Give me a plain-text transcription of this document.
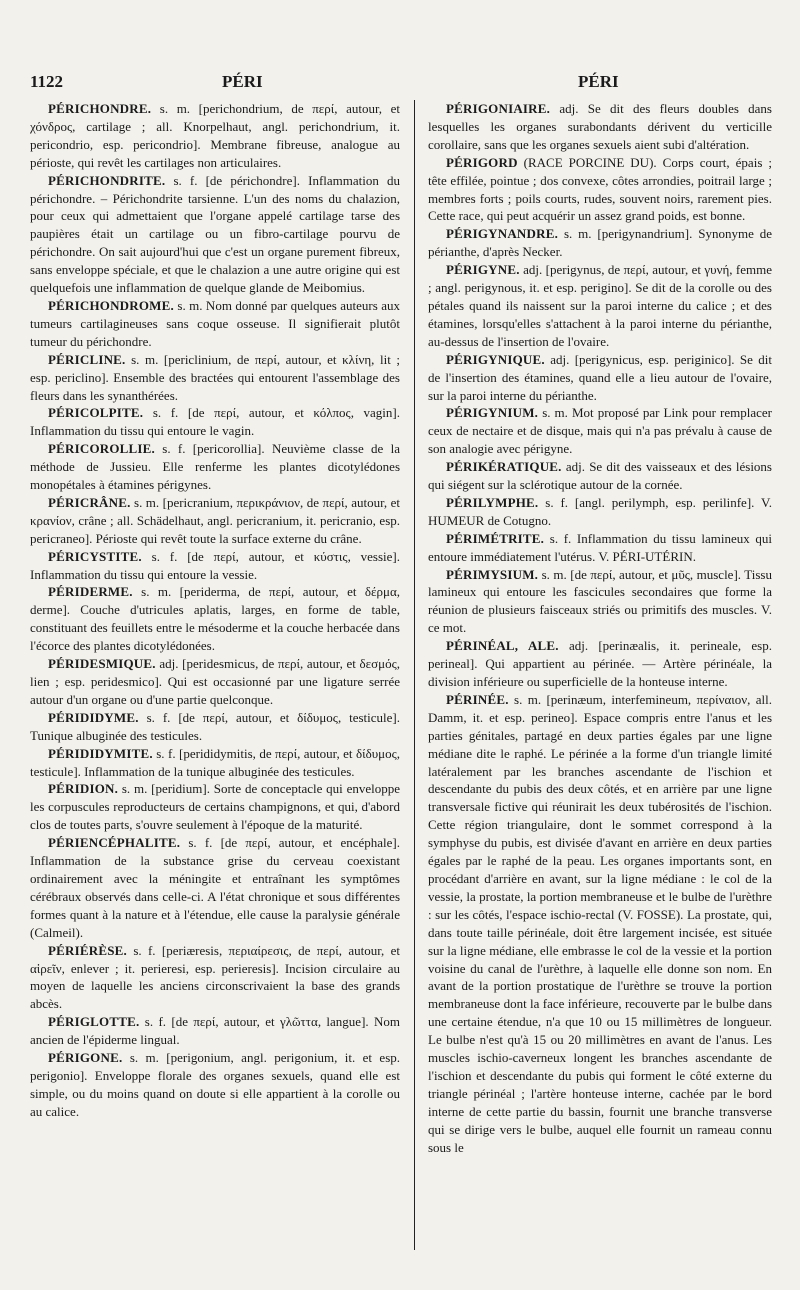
1122	PÉRI	PÉRI

PÉRICHONDRE. s. m. [perichondrium, de περί, autour, et χόνδρος, cartilage ; all. Knorpelhaut, angl. perichondrium, it. pericondrio, esp. pericondrio]. Membrane fibreuse, analogue au périoste, qui revêt les cartilages non articulaires.

PÉRICHONDRITE. s. f. [de périchondre]. Inflammation du périchondre. – Périchondrite tarsienne. L'un des noms du chalazion, pour ceux qui admettaient que l'organe appelé cartilage tarse des paupières était un cartilage ou un fibro-cartilage pourvu de périchondre. On sait aujourd'hui que c'est un organe purement fibreux, sans enveloppe spéciale, et que le chalazion a une autre origine qui est quelquefois une inflammation de quelque glande de Meibomius.

PÉRICHONDROME. s. m. Nom donné par quelques auteurs aux tumeurs cartilagineuses sans coque osseuse. Il signifierait plutôt tumeur du périchondre.

PÉRICLINE. s. m. [periclinium, de περί, autour, et κλίνη, lit ; esp. periclino]. Ensemble des bractées qui entourent l'assemblage des fleurs dans les synanthérées.

PÉRICOLPITE. s. f. [de περί, autour, et κόλπος, vagin]. Inflammation du tissu qui entoure le vagin.

PÉRICOROLLIE. s. f. [pericorollia]. Neuvième classe de la méthode de Jussieu. Elle renferme les plantes dicotylédones monopétales à étamines périgynes.

PÉRICRÂNE. s. m. [pericranium, περικράνιον, de περί, autour, et κρανίον, crâne ; all. Schädelhaut, angl. pericranium, it. pericranio, esp. pericraneo]. Périoste qui revêt toute la surface externe du crâne.

PÉRICYSTITE. s. f. [de περί, autour, et κύστις, vessie]. Inflammation du tissu qui entoure la vessie.

PÉRIDERME. s. m. [periderma, de περί, autour, et δέρμα, derme]. Couche d'utricules aplatis, larges, en forme de table, constituant des feuillets entre le mésoderme et la couche herbacée dans l'écorce des plantes dicotylédonées.

PÉRIDESMIQUE. adj. [peridesmicus, de περί, autour, et δεσμός, lien ; esp. peridesmico]. Qui est occasionné par une ligature serrée autour d'un organe ou d'une partie quelconque.

PÉRIDIDYME. s. f. [de περί, autour, et δίδυμος, testicule]. Tunique albuginée des testicules.

PÉRIDIDYMITE. s. f. [perididymitis, de περί, autour, et δίδυμος, testicule]. Inflammation de la tunique albuginée des testicules.

PÉRIDION. s. m. [peridium]. Sorte de conceptacle qui enveloppe les corpuscules reproducteurs de certains champignons, et qui, d'abord clos de toutes parts, s'ouvre seulement à l'époque de la maturité.

PÉRIENCÉPHALITE. s. f. [de περί, autour, et encéphale]. Inflammation de la substance grise du cerveau coexistant ordinairement avec la méningite et entraînant les symptômes cérébraux observés dans celle-ci. A l'état chronique et sous différentes formes quant à la nature et à l'étendue, elle cause la paralysie générale (Calmeil).

PÉRIÉRÈSE. s. f. [periæresis, περιαίρεσις, de περί, autour, et αἱρεῖν, enlever ; it. perieresi, esp. perieresis]. Incision circulaire au moyen de laquelle les anciens circonscrivaient la base des grands abcès.

PÉRIGLOTTE. s. f. [de περί, autour, et γλῶττα, langue]. Nom ancien de l'épiderme lingual.

PÉRIGONE. s. m. [perigonium, angl. perigonium, it. et esp. perigonio]. Enveloppe florale des organes sexuels, quand elle est simple, ou du moins quand on doute si elle appartient à la corolle ou au calice.

PÉRIGONIAIRE. adj. Se dit des fleurs doubles dans lesquelles les organes surabondants dérivent du verticille corollaire, sans que les organes sexuels aient subi d'altération.

PÉRIGORD (RACE PORCINE DU). Corps court, épais ; tête effilée, pointue ; dos convexe, côtes arrondies, poitrail large ; membres forts ; poils courts, rudes, souvent noirs, rarement pies. Cette race, qui peut acquérir un assez grand poids, est bonne.

PÉRIGYNANDRE. s. m. [perigynandrium]. Synonyme de périanthe, d'après Necker.

PÉRIGYNE. adj. [perigynus, de περί, autour, et γυνή, femme ; angl. perigynous, it. et esp. perigino]. Se dit de la corolle ou des pétales quand ils naissent sur la paroi interne du calice ; et des étamines, lorsqu'elles s'attachent à la paroi interne du périanthe, au-dessus de l'insertion de l'ovaire.

PÉRIGYNIQUE. adj. [perigynicus, esp. periginico]. Se dit de l'insertion des étamines, quand elle a lieu autour de l'ovaire, sur la paroi interne du périanthe.

PÉRIGYNIUM. s. m. Mot proposé par Link pour remplacer ceux de nectaire et de disque, mais qui n'a pas prévalu à cause de son analogie avec périgyne.

PÉRIKÉRATIQUE. adj. Se dit des vaisseaux et des lésions qui siégent sur la sclérotique autour de la cornée.

PÉRILYMPHE. s. f. [angl. perilymph, esp. perilinfe]. V. HUMEUR de Cotugno.

PÉRIMÉTRITE. s. f. Inflammation du tissu lamineux qui entoure immédiatement l'utérus. V. PÉRI-UTÉRIN.

PÉRIMYSIUM. s. m. [de περί, autour, et μῦς, muscle]. Tissu lamineux qui entoure les fascicules secondaires que forme la réunion de plusieurs faisceaux striés ou primitifs des muscles. V. ce mot.

PÉRINÉAL, ALE. adj. [perinæalis, it. perineale, esp. perineal]. Qui appartient au périnée. — Artère périnéale, la division inférieure ou superficielle de la honteuse interne.

PÉRINÉE. s. m. [perinæum, interfemineum, περίναιον, all. Damm, it. et esp. perineo]. Espace compris entre l'anus et les parties génitales, partagé en deux parties égales par une ligne médiane dite le raphé. Le périnée a la forme d'un triangle limité latéralement par les branches ascendante de l'ischion et descendante du pubis des deux côtés, et en arrière par une ligne transversale fictive qui réunirait les deux tubérosités de l'ischion. Cette région triangulaire, dont le sommet correspond à la symphyse du pubis, est divisée d'avant en arrière en deux parties égales par le raphé de la peau. Les organes importants sont, en procédant d'arrière en avant, sur la ligne médiane : le col de la vessie, la prostate, la portion membraneuse et le bulbe de l'urèthre : sur les côtés, l'espace ischio-rectal (V. FOSSE). La prostate, qui, dans toute taille périnéale, doit être largement incisée, est située sur la ligne médiane, elle embrasse le col de la vessie et la portion voisine du canal de l'urèthre, à laquelle elle donne son nom. En avant de la portion prostatique de l'urèthre se trouve la portion membraneuse dont la face inférieure, recouverte par le bulbe dans une certaine étendue, n'a que 10 ou 15 millimètres de longueur. Le bulbe n'est qu'à 15 ou 20 millimètres en avant de l'anus. Les muscles ischio-caverneux longent les branches ascendante de l'ischion et descendante du pubis qui forment le côté externe du triangle périnéal ; l'artère honteuse interne, cachée par le bord interne de cette partie du bassin, fournit une branche transverse qui se dirige vers le bulbe, auquel elle fournit un rameau connu sous le
